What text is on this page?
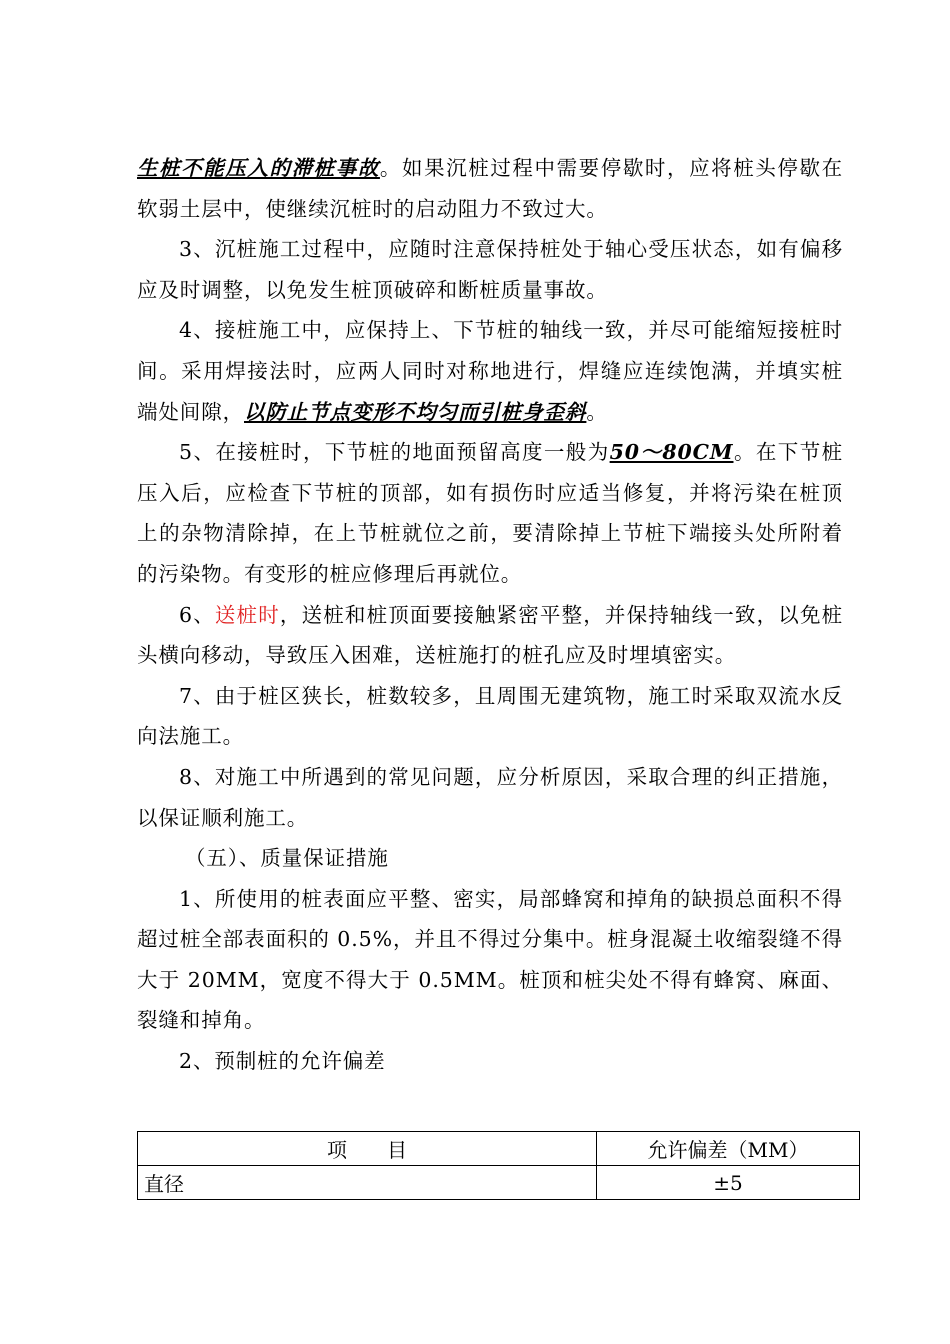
生桩不能压入的滞桩事故。如果沉桩过程中需要停歇时，应将桩头停歇在软弱土层中，使继续沉桩时的启动阻力不致过大。

3、沉桩施工过程中，应随时注意保持桩处于轴心受压状态，如有偏移应及时调整，以免发生桩顶破碎和断桩质量事故。

4、接桩施工中，应保持上、下节桩的轴线一致，并尽可能缩短接桩时间。采用焊接法时，应两人同时对称地进行，焊缝应连续饱满，并填实桩端处间隙，以防止节点变形不均匀而引桩身歪斜。

5、在接桩时，下节桩的地面预留高度一般为50～80CM。在下节桩压入后，应检查下节桩的顶部，如有损伤时应适当修复，并将污染在桩顶上的杂物清除掉，在上节桩就位之前，要清除掉上节桩下端接头处所附着的污染物。有变形的桩应修理后再就位。

6、送桩时，送桩和桩顶面要接触紧密平整，并保持轴线一致，以免桩头横向移动，导致压入困难，送桩施打的桩孔应及时埋填密实。

7、由于桩区狭长，桩数较多，且周围无建筑物，施工时采取双流水反向法施工。

8、对施工中所遇到的常见问题，应分析原因，采取合理的纠正措施，以保证顺利施工。

（五）、质量保证措施

1、所使用的桩表面应平整、密实，局部蜂窝和掉角的缺损总面积不得超过桩全部表面积的 0.5%，并且不得过分集中。桩身混凝土收缩裂缝不得大于 20MM，宽度不得大于 0.5MM。桩顶和桩尖处不得有蜂窝、麻面、裂缝和掉角。

2、预制桩的允许偏差

项　　目	允许偏差（MM）
直径	±5
